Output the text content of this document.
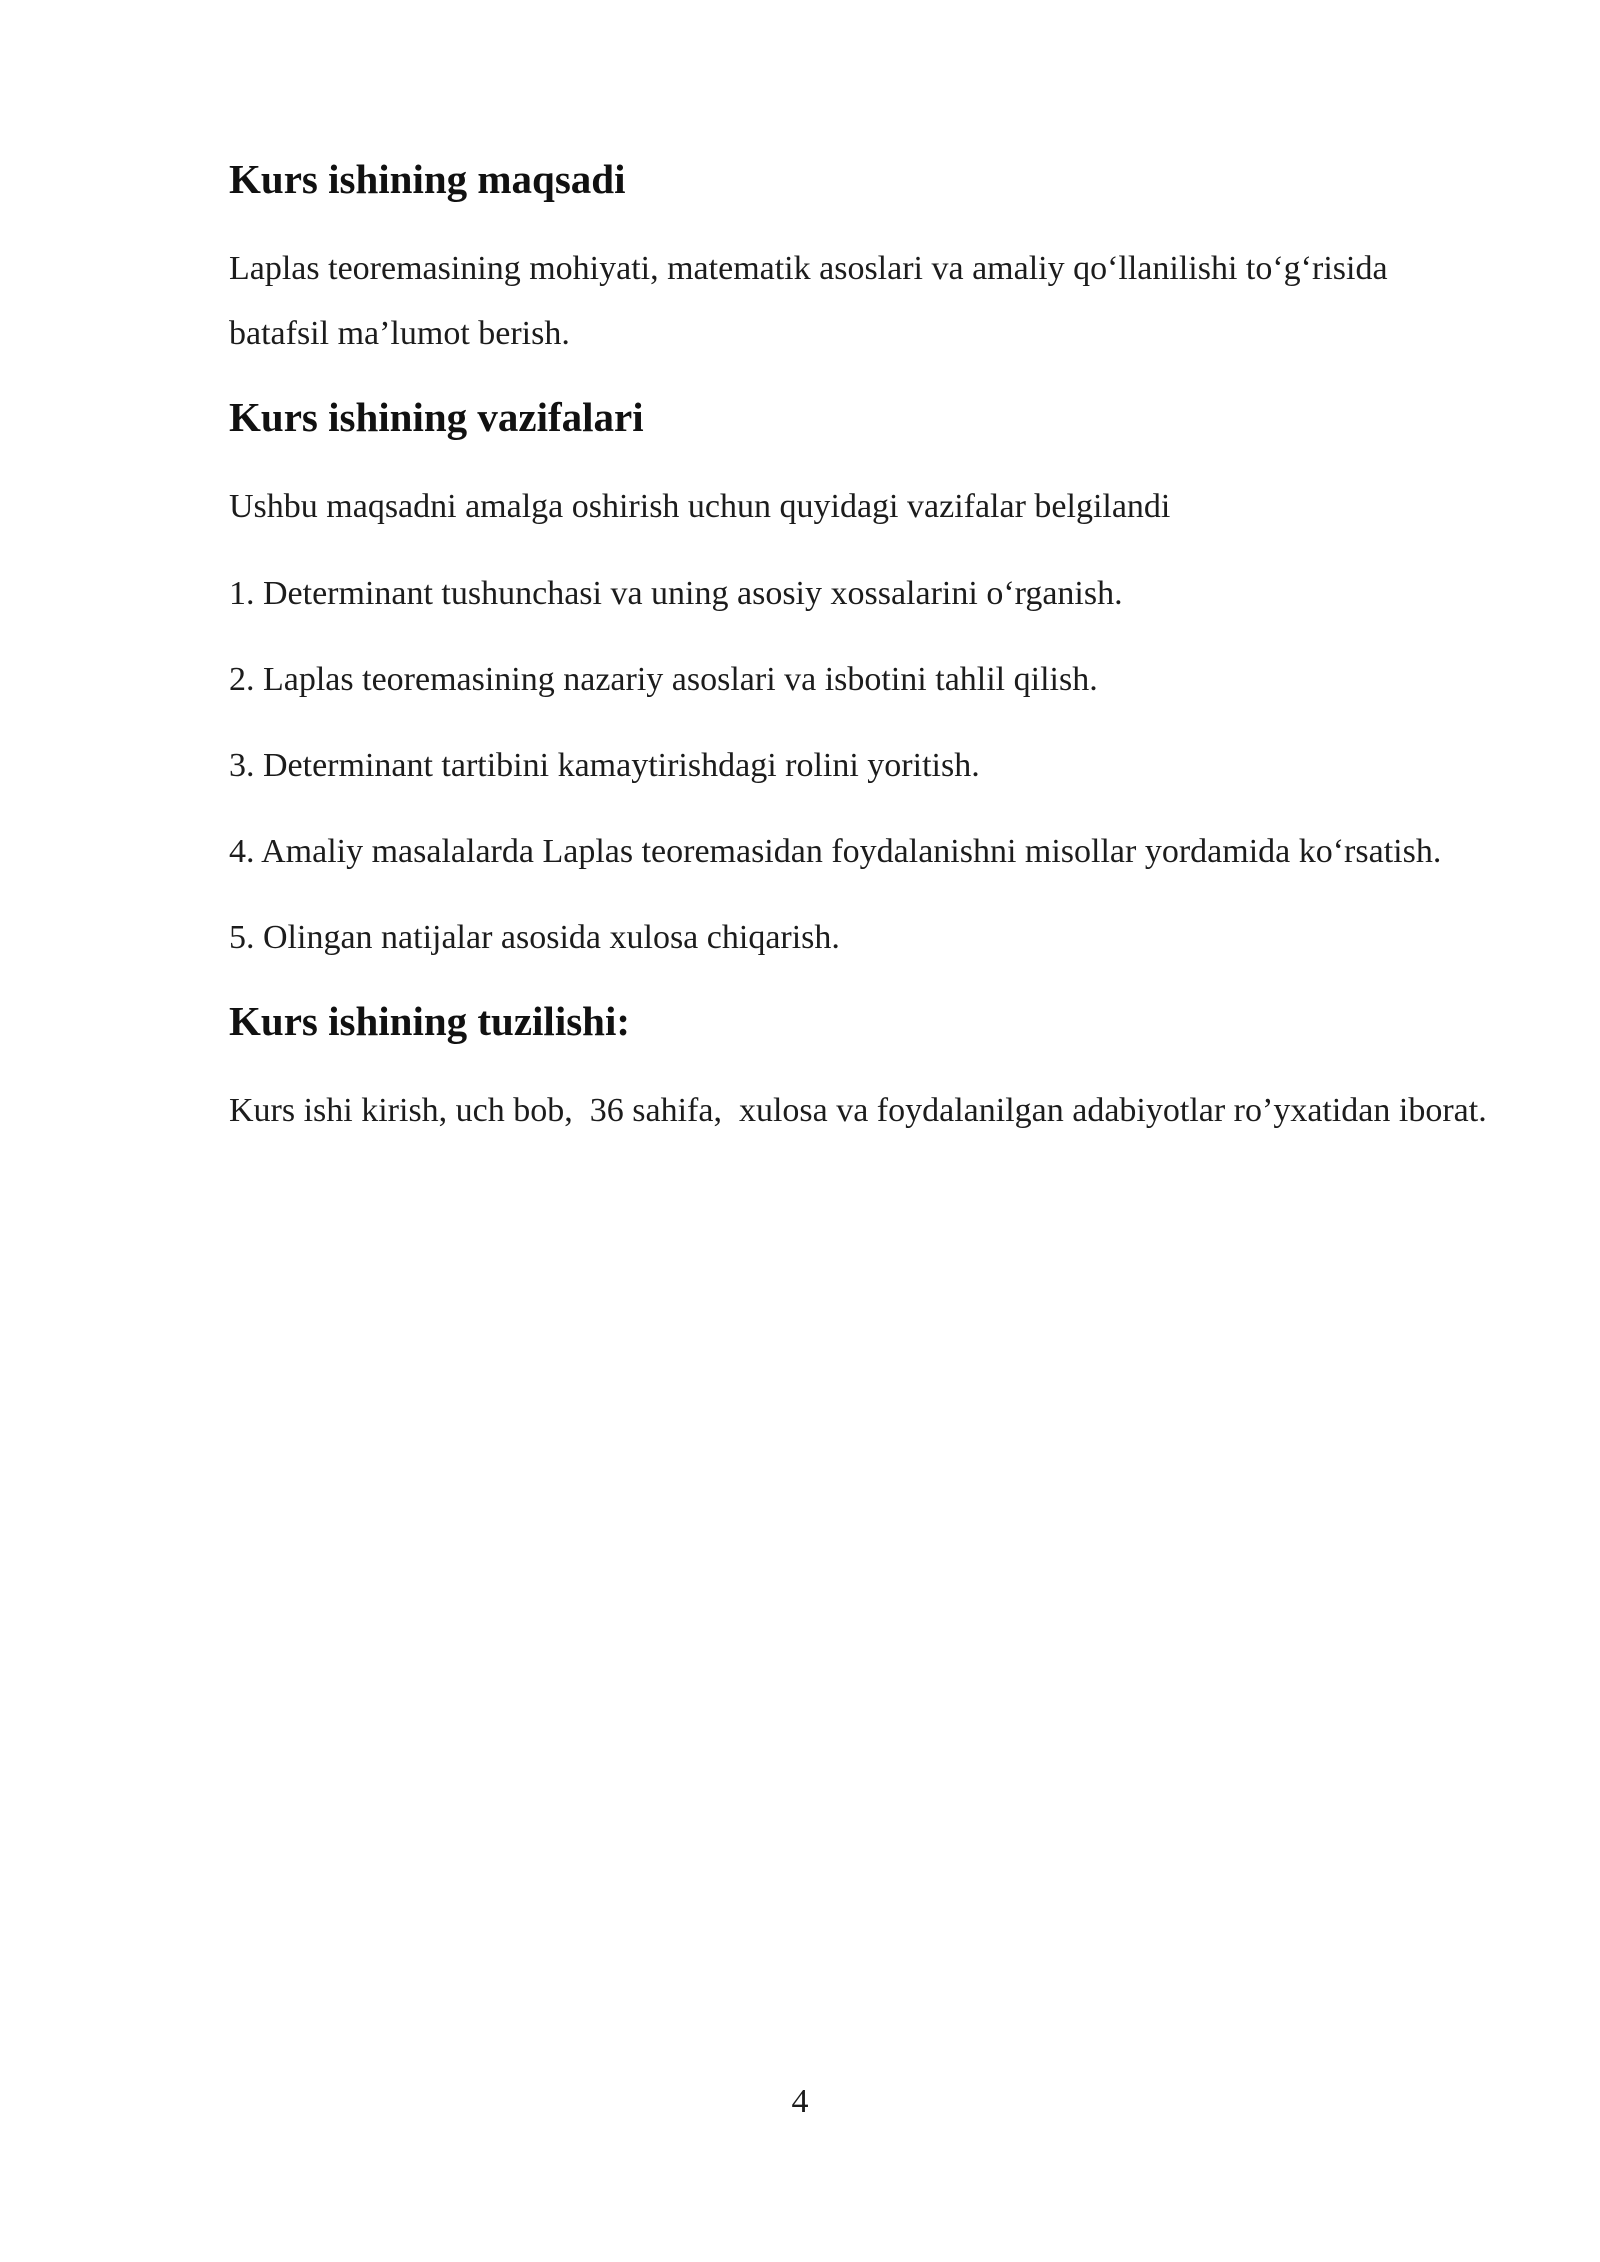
Kurs ishining maqsadi

Laplas teoremasining mohiyati, matematik asoslari va amaliy qo‘llanilishi to‘g‘risida batafsil ma’lumot berish.

Kurs ishining vazifalari

Ushbu maqsadni amalga oshirish uchun quyidagi vazifalar belgilandi

1. Determinant tushunchasi va uning asosiy xossalarini o‘rganish.
2. Laplas teoremasining nazariy asoslari va isbotini tahlil qilish.
3. Determinant tartibini kamaytirishdagi rolini yoritish.
4. Amaliy masalalarda Laplas teoremasidan foydalanishni misollar yordamida ko‘rsatish.
5. Olingan natijalar asosida xulosa chiqarish.
Kurs ishining tuzilishi:

Kurs ishi kirish, uch bob,  36 sahifa,  xulosa va foydalanilgan adabiyotlar ro’yxatidan iborat.

4
